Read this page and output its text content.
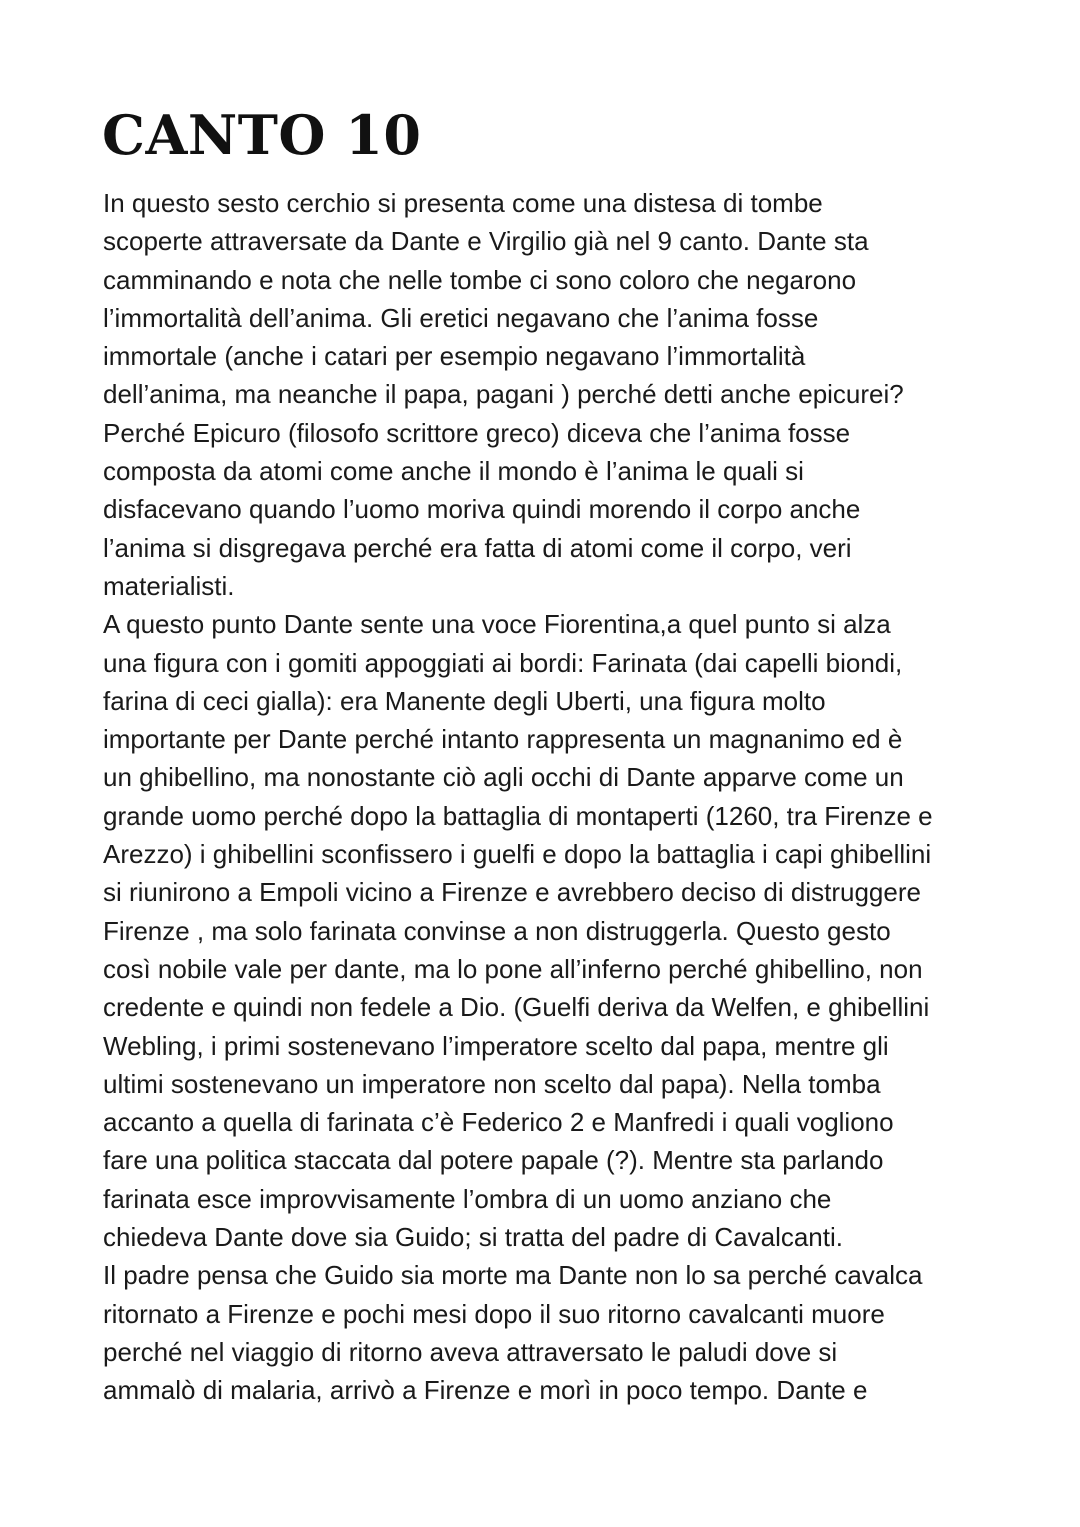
CANTO 10
In questo sesto cerchio si presenta come una distesa di tombe
scoperte attraversate da Dante e Virgilio già nel 9 canto. Dante sta
camminando e nota che nelle tombe ci sono coloro che negarono
l’immortalità dell’anima. Gli eretici negavano che l’anima fosse
immortale (anche i catari per esempio negavano l’immortalità
dell’anima, ma neanche il papa, pagani ) perché detti anche epicurei?
Perché Epicuro (filosofo scrittore greco) diceva che l’anima fosse
composta da atomi come anche il mondo è l’anima le quali si
disfacevano quando l’uomo moriva quindi morendo il corpo anche
l’anima si disgregava perché era fatta di atomi come il corpo, veri
materialisti.
A questo punto Dante sente una voce Fiorentina,a quel punto si alza
una figura con i gomiti appoggiati ai bordi: Farinata (dai capelli biondi,
farina di ceci gialla): era Manente degli Uberti, una figura molto
importante per Dante perché intanto rappresenta un magnanimo ed è
un ghibellino, ma nonostante ciò agli occhi di Dante apparve come un
grande uomo perché dopo la battaglia di montaperti (1260, tra Firenze e
Arezzo) i ghibellini sconfissero i guelfi e dopo la battaglia i capi ghibellini
si riunirono a Empoli vicino a Firenze e avrebbero deciso di distruggere
Firenze , ma solo farinata convinse a non distruggerla. Questo gesto
così nobile vale per dante, ma lo pone all’inferno perché ghibellino, non
credente e quindi non fedele a Dio. (Guelfi deriva da Welfen, e ghibellini
Webling, i primi sostenevano l’imperatore scelto dal papa, mentre gli
ultimi sostenevano un imperatore non scelto dal papa). Nella tomba
accanto a quella di farinata c’è Federico 2 e Manfredi i quali vogliono
fare una politica staccata dal potere papale (?). Mentre sta parlando
farinata esce improvvisamente l’ombra di un uomo anziano che
chiedeva Dante dove sia Guido; si tratta del padre di Cavalcanti.
Il padre pensa che Guido sia morte ma Dante non lo sa perché cavalca
ritornato a Firenze e pochi mesi dopo il suo ritorno cavalcanti muore
perché nel viaggio di ritorno aveva attraversato le paludi dove si
ammalò di malaria, arrivò a Firenze e morì in poco tempo. Dante e
